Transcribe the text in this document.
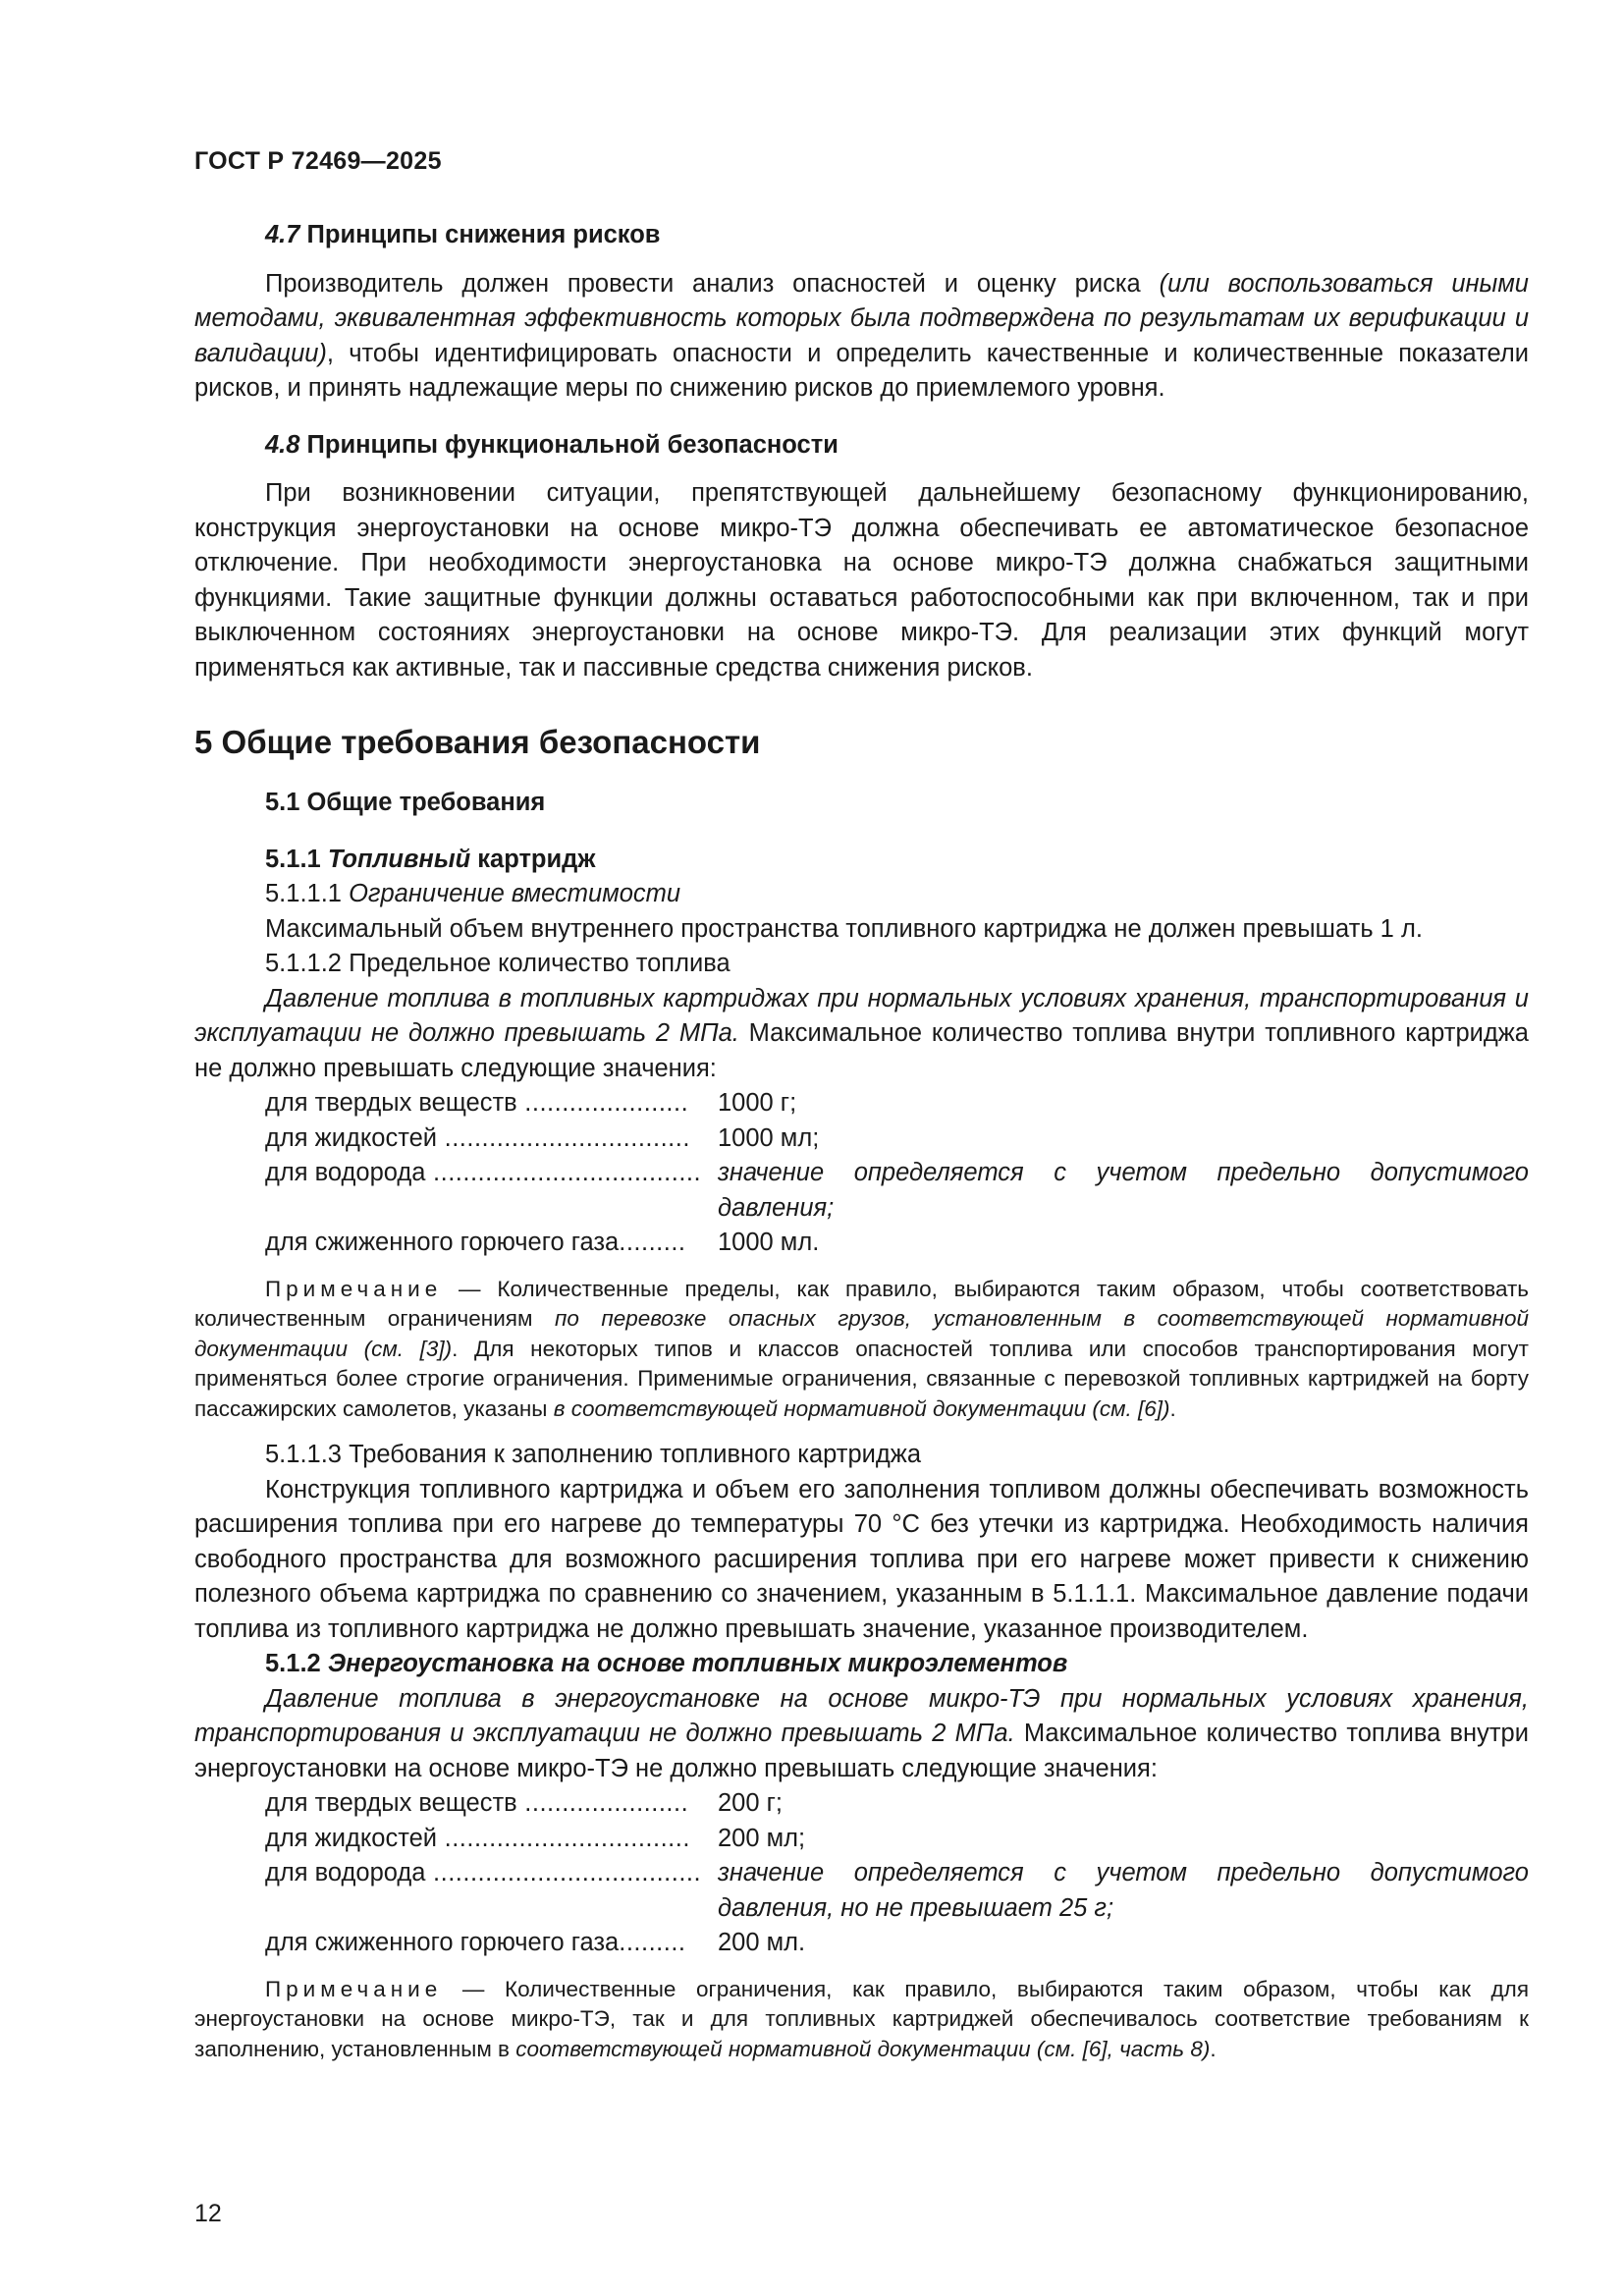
ГОСТ Р 72469—2025

4.7 Принципы снижения рисков

Производитель должен провести анализ опасностей и оценку риска (или воспользоваться иными методами, эквивалентная эффективность которых была подтверждена по результатам их верификации и валидации), чтобы идентифицировать опасности и определить качественные и количественные показатели рисков, и принять надлежащие меры по снижению рисков до приемлемого уровня.

4.8 Принципы функциональной безопасности

При возникновении ситуации, препятствующей дальнейшему безопасному функционированию, конструкция энергоустановки на основе микро-ТЭ должна обеспечивать ее автоматическое безопасное отключение. При необходимости энергоустановка на основе микро-ТЭ должна снабжаться защитными функциями. Такие защитные функции должны оставаться работоспособными как при включенном, так и при выключенном состояниях энергоустановки на основе микро-ТЭ. Для реализации этих функций могут применяться как активные, так и пассивные средства снижения рисков.

5 Общие требования безопасности

5.1 Общие требования

5.1.1 Топливный картридж

5.1.1.1 Ограничение вместимости

Максимальный объем внутреннего пространства топливного картриджа не должен превышать 1 л.

5.1.1.2 Предельное количество топлива

Давление топлива в топливных картриджах при нормальных условиях хранения, транспортирования и эксплуатации не должно превышать 2 МПа. Максимальное количество топлива внутри топливного картриджа не должно превышать следующие значения:

для твердых веществ ......................	1000 г;
для жидкостей .................................	1000 мл;
для водорода .................................... значение определяется с учетом предельно допустимого давления;
для сжиженного горючего газа.........	1000 мл.

Примечание — Количественные пределы, как правило, выбираются таким образом, чтобы соответствовать количественным ограничениям по перевозке опасных грузов, установленным в соответствующей нормативной документации (см. [3]). Для некоторых типов и классов опасностей топлива или способов транспортирования могут применяться более строгие ограничения. Применимые ограничения, связанные с перевозкой топливных картриджей на борту пассажирских самолетов, указаны в соответствующей нормативной документации (см. [6]).

5.1.1.3 Требования к заполнению топливного картриджа

Конструкция топливного картриджа и объем его заполнения топливом должны обеспечивать возможность расширения топлива при его нагреве до температуры 70 °С без утечки из картриджа. Необходимость наличия свободного пространства для возможного расширения топлива при его нагреве может привести к снижению полезного объема картриджа по сравнению со значением, указанным в 5.1.1.1. Максимальное давление подачи топлива из топливного картриджа не должно превышать значение, указанное производителем.

5.1.2 Энергоустановка на основе топливных микроэлементов

Давление топлива в энергоустановке на основе микро-ТЭ при нормальных условиях хранения, транспортирования и эксплуатации не должно превышать 2 МПа. Максимальное количество топлива внутри энергоустановки на основе микро-ТЭ не должно превышать следующие значения:

для твердых веществ ......................	200 г;
для жидкостей .................................	200 мл;
для водорода .................................... значение определяется с учетом предельно допустимого давления, но не превышает 25 г;
для сжиженного горючего газа.........	200 мл.

Примечание — Количественные ограничения, как правило, выбираются таким образом, чтобы как для энергоустановки на основе микро-ТЭ, так и для топливных картриджей обеспечивалось соответствие требованиям к заполнению, установленным в соответствующей нормативной документации (см. [6], часть 8).

12
